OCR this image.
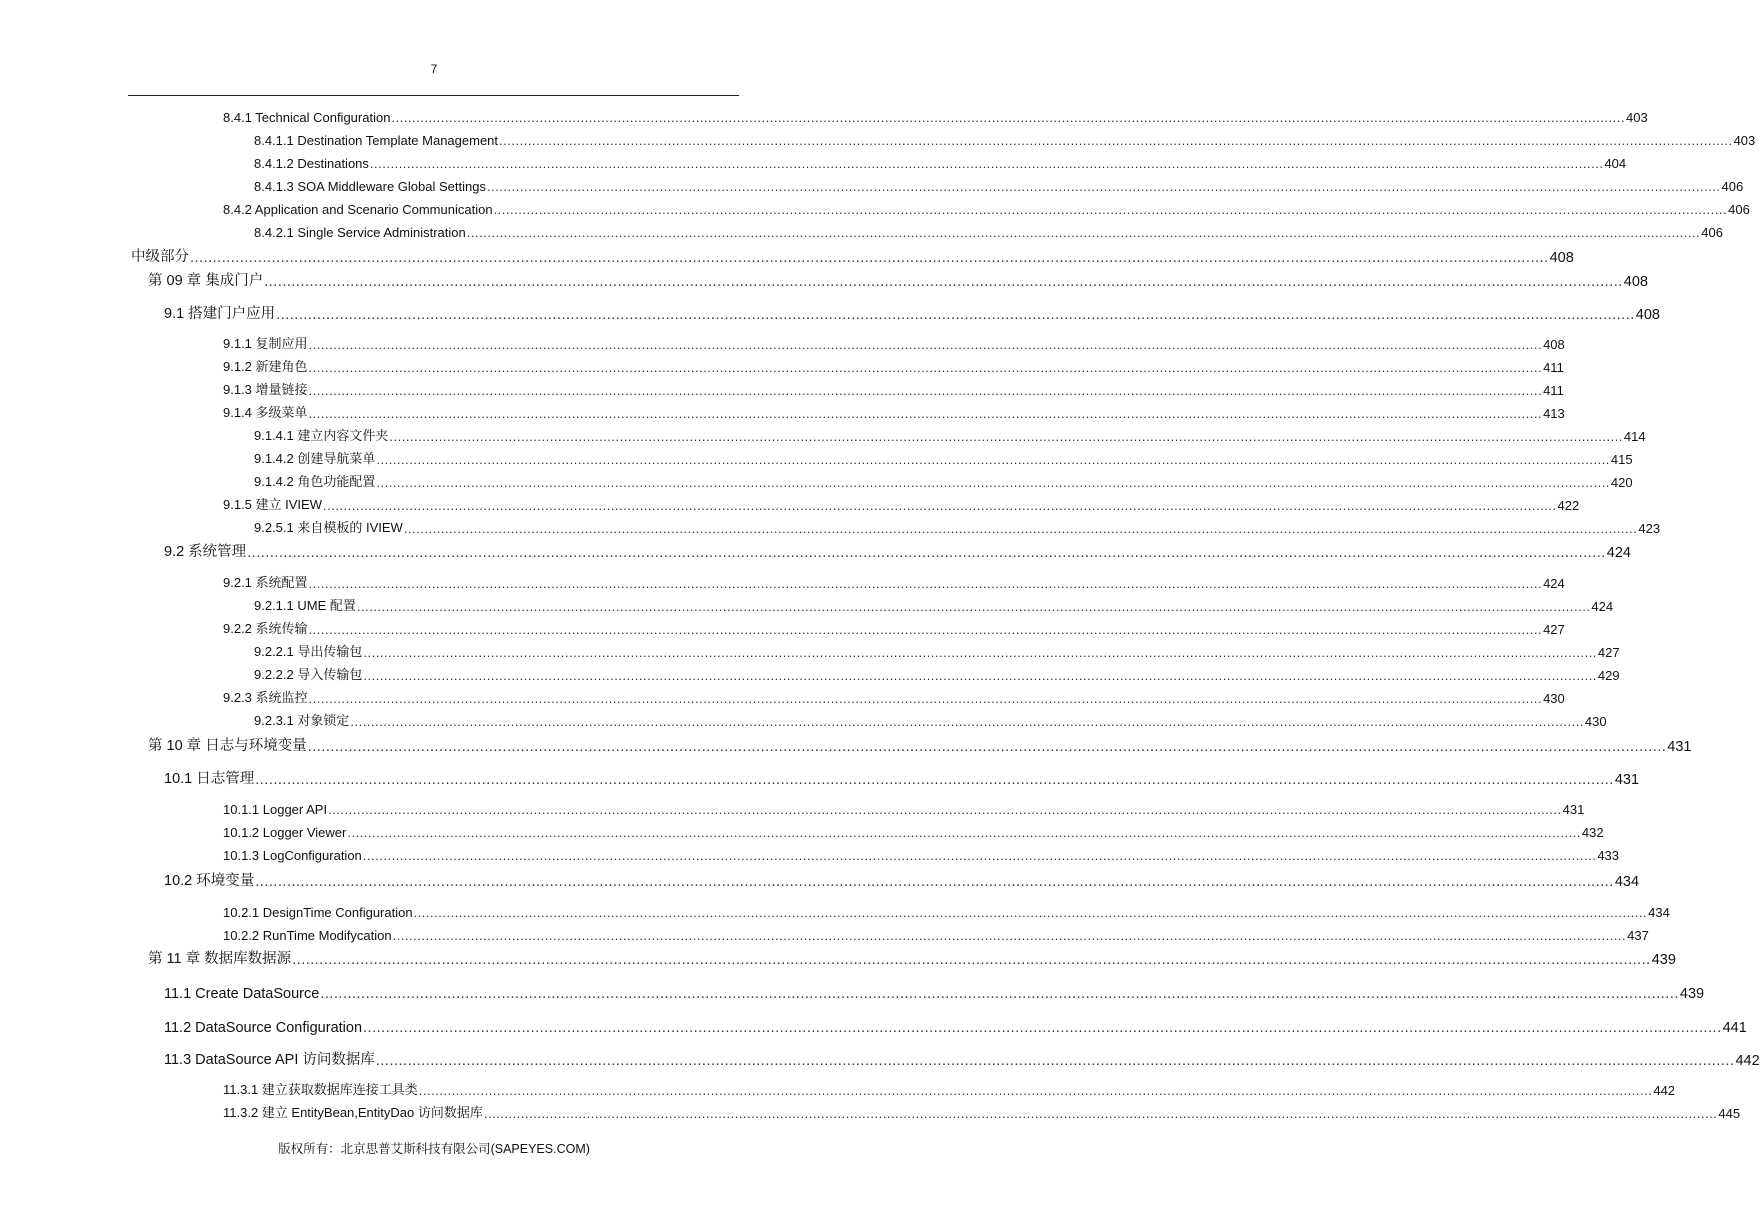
7
8.4.1 Technical Configuration ............................................................................................................................................................................................................................................................................................................ 403
8.4.1.1 Destination Template Management ............................................................................................................................................................................................................................................................................................................ 403
8.4.1.2 Destinations ............................................................................................................................................................................................................................................................................................................ 404
8.4.1.3 SOA Middleware Global Settings ............................................................................................................................................................................................................................................................................................................ 406
8.4.2 Application and Scenario Communication ............................................................................................................................................................................................................................................................................................................ 406
8.4.2.1 Single Service Administration ............................................................................................................................................................................................................................................................................................................ 406
中级部分 ............................................................................................................................................................................................................................................................................................................ 408
第 09 章 集成门户 ............................................................................................................................................................................................................................................................................................................ 408
9.1 搭建门户应用 ............................................................................................................................................................................................................................................................................................................ 408
9.1.1 复制应用 ............................................................................................................................................................................................................................................................................................................ 408
9.1.2 新建角色 ............................................................................................................................................................................................................................................................................................................ 411
9.1.3 增量链接 ............................................................................................................................................................................................................................................................................................................ 411
9.1.4 多级菜单 ............................................................................................................................................................................................................................................................................................................ 413
9.1.4.1 建立内容文件夹 ............................................................................................................................................................................................................................................................................................................ 414
9.1.4.2 创建导航菜单 ............................................................................................................................................................................................................................................................................................................ 415
9.1.4.2 角色功能配置 ............................................................................................................................................................................................................................................................................................................ 420
9.1.5 建立 IVIEW ............................................................................................................................................................................................................................................................................................................ 422
9.2.5.1 来自模板的 IVIEW ............................................................................................................................................................................................................................................................................................................ 423
9.2 系统管理 ............................................................................................................................................................................................................................................................................................................ 424
9.2.1 系统配置 ............................................................................................................................................................................................................................................................................................................ 424
9.2.1.1 UME 配置 ............................................................................................................................................................................................................................................................................................................ 424
9.2.2 系统传输 ............................................................................................................................................................................................................................................................................................................ 427
9.2.2.1 导出传输包 ............................................................................................................................................................................................................................................................................................................ 427
9.2.2.2 导入传输包 ............................................................................................................................................................................................................................................................................................................ 429
9.2.3 系统监控 ............................................................................................................................................................................................................................................................................................................ 430
9.2.3.1 对象锁定 ............................................................................................................................................................................................................................................................................................................ 430
第 10 章 日志与环境变量 ............................................................................................................................................................................................................................................................................................................ 431
10.1 日志管理 ............................................................................................................................................................................................................................................................................................................ 431
10.1.1 Logger API ............................................................................................................................................................................................................................................................................................................ 431
10.1.2 Logger Viewer ............................................................................................................................................................................................................................................................................................................ 432
10.1.3 LogConfiguration ............................................................................................................................................................................................................................................................................................................ 433
10.2 环境变量 ............................................................................................................................................................................................................................................................................................................ 434
10.2.1 DesignTime Configuration ............................................................................................................................................................................................................................................................................................................ 434
10.2.2 RunTime Modifycation ............................................................................................................................................................................................................................................................................................................ 437
第 11 章 数据库数据源 ............................................................................................................................................................................................................................................................................................................ 439
11.1 Create DataSource ............................................................................................................................................................................................................................................................................................................ 439
11.2 DataSource Configuration ............................................................................................................................................................................................................................................................................................................ 441
11.3 DataSource API 访问数据库 ............................................................................................................................................................................................................................................................................................................ 442
11.3.1 建立获取数据库连接工具类 ............................................................................................................................................................................................................................................................................................................ 442
11.3.2 建立 EntityBean,EntityDao 访问数据库 ............................................................................................................................................................................................................................................................................................................ 445
版权所有：北京思普艾斯科技有限公司(SAPEYES.COM)
